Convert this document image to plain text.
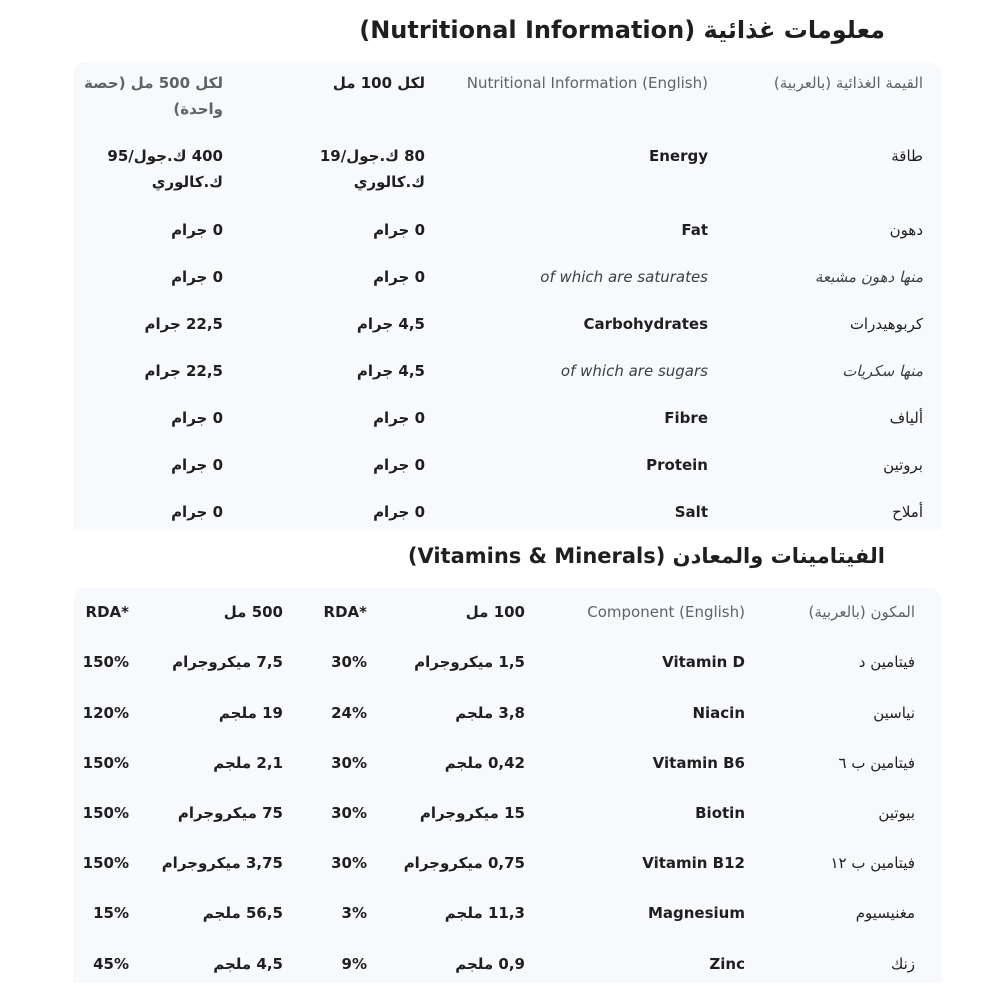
معلومات غذائية (Nutritional Information)
القيمة الغذائية (بالعربية)
Nutritional Information (English)
لكل 100 مل
لكل 500 مل (حصة واحدة)
طاقة
Energy
80 ك.جول/19 ك.كالوري
400 ك.جول/95 ك.كالوري
دهون
Fat
0 جرام
0 جرام
منها دهون مشبعة
of which are saturates
0 جرام
0 جرام
كربوهيدرات
Carbohydrates
4,5 جرام
22,5 جرام
منها سكريات
of which are sugars
4,5 جرام
22,5 جرام
ألياف
Fibre
0 جرام
0 جرام
بروتين
Protein
0 جرام
0 جرام
أملاح
Salt
0 جرام
0 جرام
الفيتامينات والمعادن (Vitamins & Minerals)
المكون (بالعربية)
Component (English)
100 مل
RDA*
500 مل
RDA*
فيتامين د
Vitamin D
1,5 ميكروجرام
30%
7,5 ميكروجرام
150%
نياسين
Niacin
3,8 ملجم
24%
19 ملجم
120%
فيتامين ب ٦
Vitamin B6
0,42 ملجم
30%
2,1 ملجم
150%
بيوتين
Biotin
15 ميكروجرام
30%
75 ميكروجرام
150%
فيتامين ب ١٢
Vitamin B12
0,75 ميكروجرام
30%
3,75 ميكروجرام
150%
مغنيسيوم
Magnesium
11,3 ملجم
3%
56,5 ملجم
15%
زنك
Zinc
0,9 ملجم
9%
4,5 ملجم
45%
